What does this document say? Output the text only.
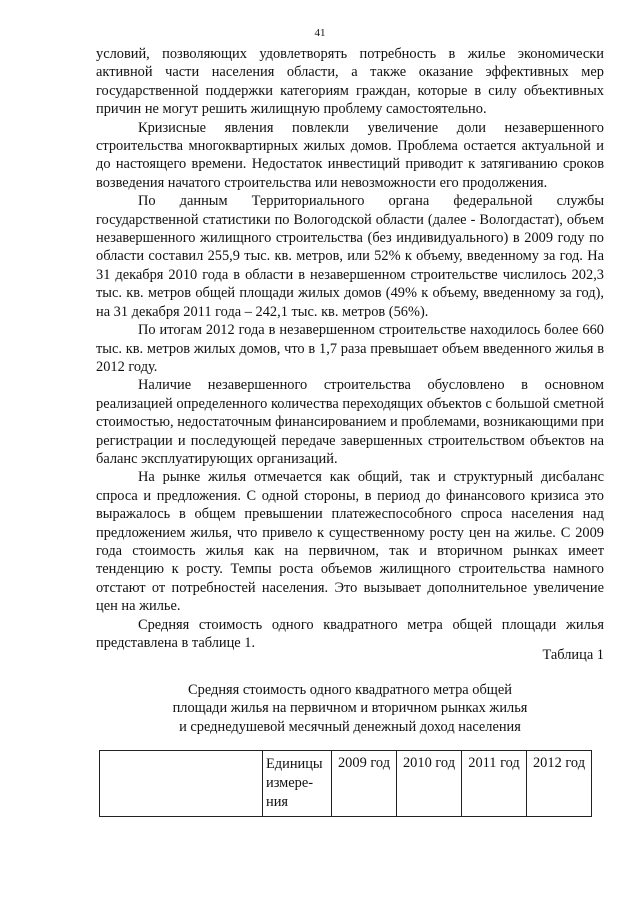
41

условий, позволяющих удовлетворять потребность в жилье экономически активной части населения области, а также оказание эффективных мер государственной поддержки категориям граждан, которые в силу объективных причин не могут решить жилищную проблему самостоятельно.

Кризисные явления повлекли увеличение доли незавершенного строительства многоквартирных жилых домов. Проблема остается актуальной и до настоящего времени. Недостаток инвестиций приводит к затягиванию сроков возведения начатого строительства или невозможности его продолжения.

По данным Территориального органа федеральной службы государственной статистики по Вологодской области (далее - Вологдастат), объем незавершенного жилищного строительства (без индивидуального) в 2009 году по области составил 255,9 тыс. кв. метров, или 52% к объему, введенному за год. На 31 декабря 2010 года в области в незавершенном строительстве числилось 202,3 тыс. кв. метров общей площади жилых домов (49% к объему, введенному за год), на 31 декабря 2011 года – 242,1 тыс. кв. метров (56%).

По итогам 2012 года в незавершенном строительстве находилось более 660 тыс. кв. метров жилых домов, что в 1,7 раза превышает объем введенного жилья в 2012 году.

Наличие незавершенного строительства обусловлено в основном реализацией определенного количества переходящих объектов с большой сметной стоимостью, недостаточным финансированием и проблемами, возникающими при регистрации и последующей передаче завершенных строительством объектов на баланс эксплуатирующих организаций.

На рынке жилья отмечается как общий, так и структурный дисбаланс спроса и предложения. С одной стороны, в период до финансового кризиса это выражалось в общем превышении платежеспособного спроса населения над предложением жилья, что привело к существенному росту цен на жилье. С 2009 года стоимость жилья как на первичном, так и вторичном рынках имеет тенденцию к росту. Темпы роста объемов жилищного строительства намного отстают от потребностей населения. Это вызывает дополнительное увеличение цен на жилье.

Средняя стоимость одного квадратного метра общей площади жилья представлена в таблице 1.

Таблица 1
Средняя стоимость одного квадратного метра общей
площади жилья на первичном и вторичном рынках жилья
и среднедушевой месячный денежный доход населения
	Единицы измере-ния	2009 год	2010 год	2011 год	2012 год
